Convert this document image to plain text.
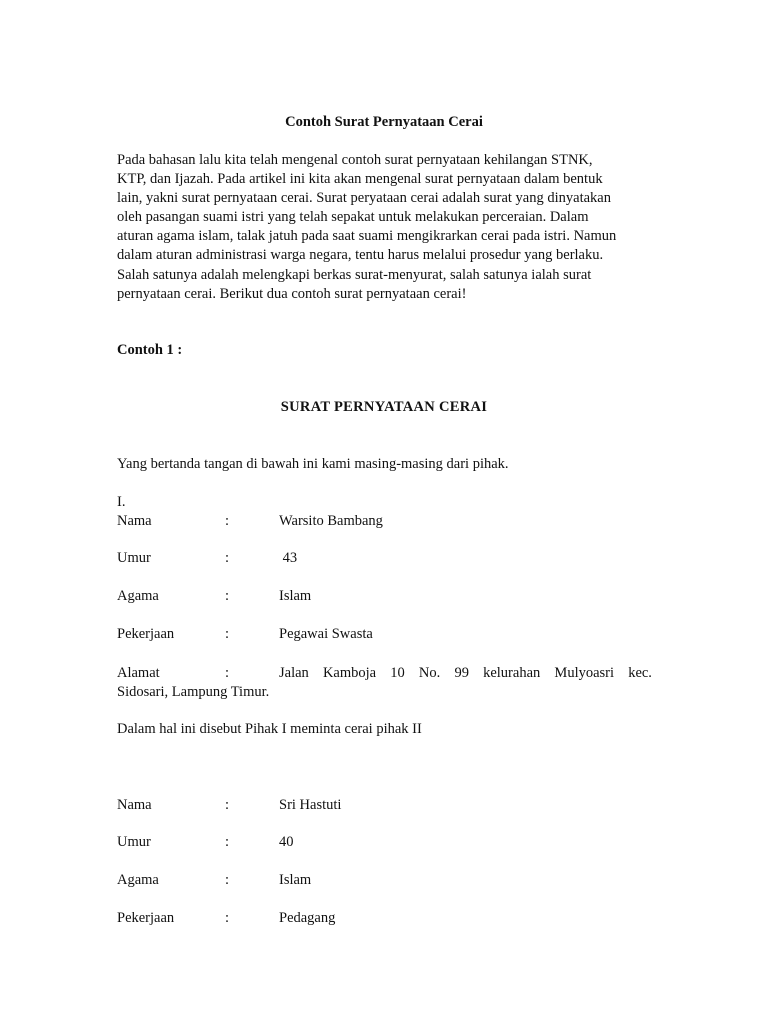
Contoh Surat Pernyataan Cerai

Pada bahasan lalu kita telah mengenal contoh surat pernyataan kehilangan STNK,
KTP, dan Ijazah. Pada artikel ini kita akan mengenal surat pernyataan dalam bentuk
lain, yakni surat pernyataan cerai. Surat peryataan cerai adalah surat yang dinyatakan
oleh pasangan suami istri yang telah sepakat untuk melakukan perceraian. Dalam
aturan agama islam, talak jatuh pada saat suami mengikrarkan cerai pada istri. Namun
dalam aturan administrasi warga negara, tentu harus melalui prosedur yang berlaku.
Salah satunya adalah melengkapi berkas surat-menyurat, salah satunya ialah surat
pernyataan cerai. Berikut dua contoh surat pernyataan cerai!

Contoh 1 :
SURAT PERNYATAAN CERAI
Yang bertanda tangan di bawah ini kami masing-masing dari pihak.
I.
Nama	:	Warsito Bambang
Umur	:	43
Agama	:	Islam
Pekerjaan	:	Pegawai Swasta
Alamat	:	Jalan Kamboja 10 No. 99 kelurahan Mulyoasri kec.
Sidosari, Lampung Timur.
Dalam hal ini disebut Pihak I meminta cerai pihak II
Nama	:	Sri Hastuti
Umur	:	40
Agama	:	Islam
Pekerjaan	:	Pedagang
